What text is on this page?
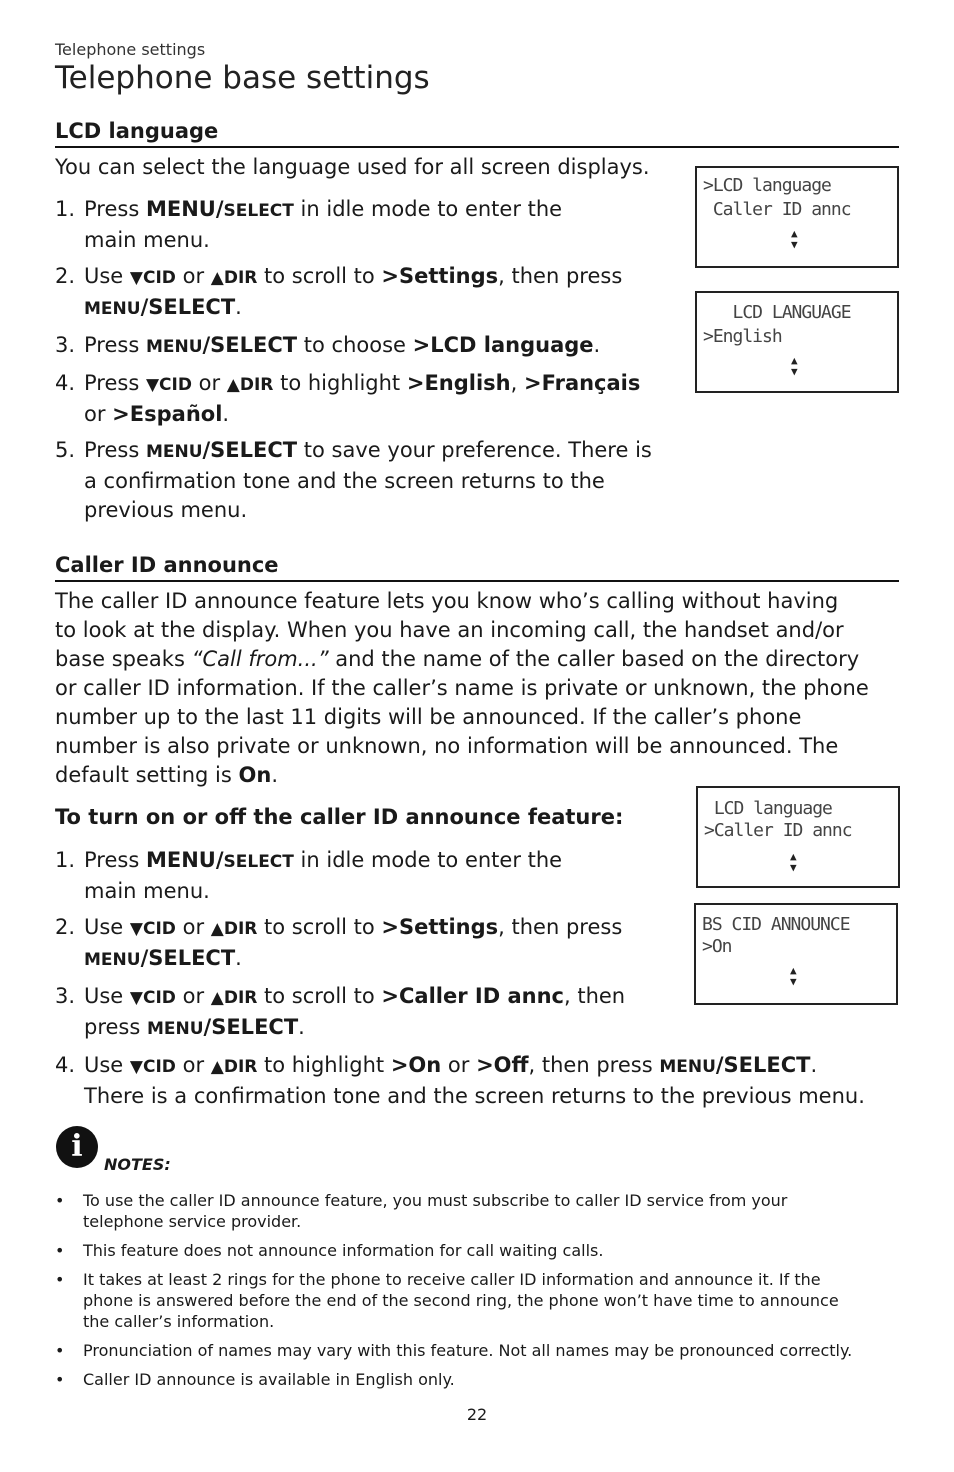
Telephone settings
Telephone base settings
LCD language
You can select the language used for all screen displays.
1. Press MENU/SELECT in idle mode to enter the
main menu.
2. Use ▼CID or ▲DIR to scroll to >Settings, then press
MENU/SELECT.
3. Press MENU/SELECT to choose >LCD language.
4. Press ▼CID or ▲DIR to highlight >English, >Français
or >Español.
5. Press MENU/SELECT to save your preference. There is
a confirmation tone and the screen returns to the
previous menu.
>LCD language
Caller ID annc
▲
▼
LCD LANGUAGE
>English
▲
▼
Caller ID announce
The caller ID announce feature lets you know who’s calling without having
to look at the display. When you have an incoming call, the handset and/or
base speaks “Call from...” and the name of the caller based on the directory
or caller ID information. If the caller’s name is private or unknown, the phone
number up to the last 11 digits will be announced. If the caller’s phone
number is also private or unknown, no information will be announced. The
default setting is On.
To turn on or off the caller ID announce feature:
1. Press MENU/SELECT in idle mode to enter the
main menu.
2. Use ▼CID or ▲DIR to scroll to >Settings, then press
MENU/SELECT.
3. Use ▼CID or ▲DIR to scroll to >Caller ID annc, then
press MENU/SELECT.
4. Use ▼CID or ▲DIR to highlight >On or >Off, then press MENU/SELECT.
There is a confirmation tone and the screen returns to the previous menu.
LCD language
>Caller ID annc
▲
▼
BS CID ANNOUNCE
>On
▲
▼
i
NOTES:
• To use the caller ID announce feature, you must subscribe to caller ID service from your
telephone service provider.
• This feature does not announce information for call waiting calls.
• It takes at least 2 rings for the phone to receive caller ID information and announce it. If the
phone is answered before the end of the second ring, the phone won’t have time to announce
the caller’s information.
• Pronunciation of names may vary with this feature. Not all names may be pronounced correctly.
• Caller ID announce is available in English only.
22
